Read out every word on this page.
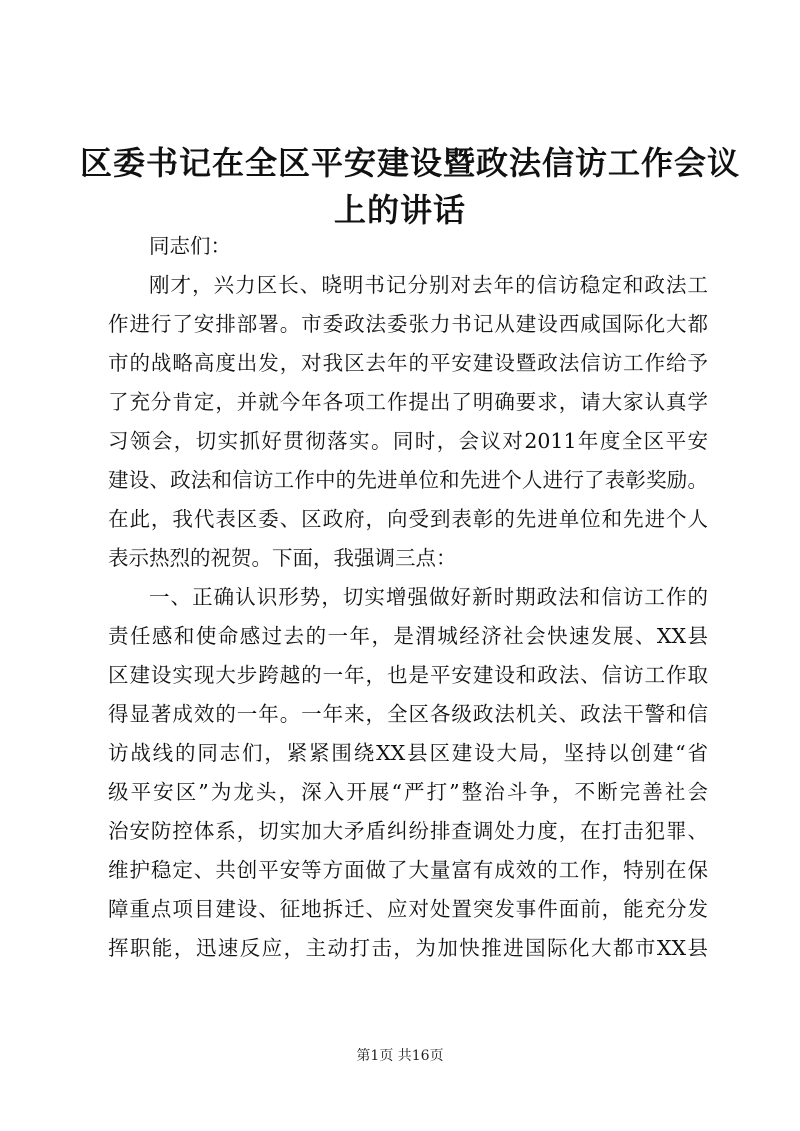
区委书记在全区平安建设暨政法信访工作会议
上的讲话
同志们：
刚才，兴力区长、晓明书记分别对去年的信访稳定和政法工
作进行了安排部署。市委政法委张力书记从建设西咸国际化大都
市的战略高度出发，对我区去年的平安建设暨政法信访工作给予
了充分肯定，并就今年各项工作提出了明确要求，请大家认真学
习领会，切实抓好贯彻落实。同时，会议对2011年度全区平安
建设、政法和信访工作中的先进单位和先进个人进行了表彰奖励。
在此，我代表区委、区政府，向受到表彰的先进单位和先进个人
表示热烈的祝贺。下面，我强调三点：
一、正确认识形势，切实增强做好新时期政法和信访工作的
责任感和使命感过去的一年，是渭城经济社会快速发展、XX县
区建设实现大步跨越的一年，也是平安建设和政法、信访工作取
得显著成效的一年。一年来，全区各级政法机关、政法干警和信
访战线的同志们，紧紧围绕XX县区建设大局，坚持以创建“省
级平安区”为龙头，深入开展“严打”整治斗争，不断完善社会
治安防控体系，切实加大矛盾纠纷排查调处力度，在打击犯罪、
维护稳定、共创平安等方面做了大量富有成效的工作，特别在保
障重点项目建设、征地拆迁、应对处置突发事件面前，能充分发
挥职能，迅速反应，主动打击，为加快推进国际化大都市XX县
第1页 共16页
